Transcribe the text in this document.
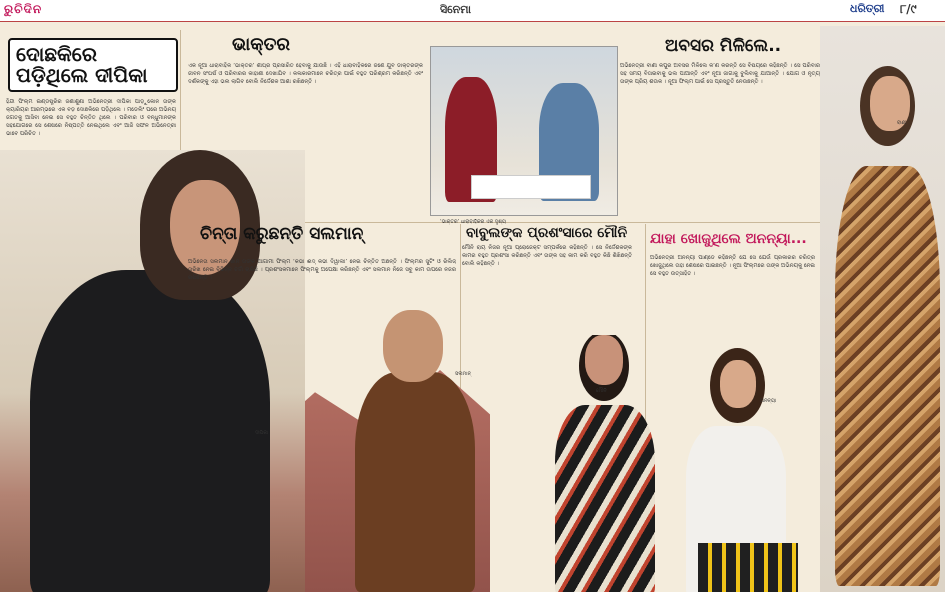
ରୁଚିଦିନ	ସିନେମା	ଧରିତ୍ରୀ ୮/୯
ଦୀପିକା
‘ଭାକ୍ତର’ ଧାରାବାହିକର ଏକ ଦୃଶ୍ୟ
ବାଣୀ
ସଲମାନ୍
ମୌନି
ଅନନ୍ୟା
ଦୋଛକିରେ ପଡ଼ିଥିଲେ ଦୀପିକା
ହିନ୍ଦୀ ଫିଲ୍ମ ଇଣ୍ଡଷ୍ଟ୍ରିର ଜଣାଶୁଣା ଅଭିନେତ୍ରୀ ଦୀପିକା ପାଡ଼ୁକୋନ ତାଙ୍କ କ୍ୟାରିୟର ଆରମ୍ଭରେ ଏକ ବଡ଼ ଦୋଛକିରେ ପଡ଼ିଥିଲେ । ମଡେଲିଂ ପରେ ଅଭିନୟ ଜଗତକୁ ଆସିବା ନେଇ ସେ ବହୁତ ଚିନ୍ତିତ ଥିଲେ । ପରିବାର ଓ ବନ୍ଧୁମାନଙ୍କ ସହଯୋଗରେ ସେ ଶେଷରେ ନିଷ୍ପତ୍ତି ନେଇଥିଲେ ଏବଂ ଆଜି ସଫଳ ଅଭିନେତ୍ରୀ ଭାବେ ପରିଚିତ ।
ଭାକ୍ତର
ଏକ ନୂଆ ଧାରାବାହିକ ‘ଭାକ୍ତର’ ଶୀଘ୍ର ପ୍ରସାରିତ ହେବାକୁ ଯାଉଛି । ଏହି ଧାରାବାହିକରେ ଜଣେ ଯୁବ ଡାକ୍ତରଙ୍କ ଜୀବନ ସଂଘର୍ଷ ଓ ପରିବାରର କାହାଣୀ ଦେଖାଯିବ । କଳାକାରମାନେ ଚରିତ୍ର ପାଇଁ ବହୁତ ପରିଶ୍ରମ କରିଛନ୍ତି ଏବଂ ଦର୍ଶକଙ୍କୁ ଏହା ଭଲ ଲାଗିବ ବୋଲି ନିର୍ଦ୍ଦେଶକ ଆଶା ରଖିଛନ୍ତି ।
ଅବସର ମିଳିଲେ..
ଅଭିନେତ୍ରୀ ବାଣୀ କପୁର ଅବସର ମିଳିଲେ କ’ଣ କରନ୍ତି ସେ ବିଷୟରେ କହିଛନ୍ତି । ସେ ପରିବାର ସହ ସମୟ ବିତାଇବାକୁ ଭଲ ପାଆନ୍ତି ଏବଂ ନୂଆ ଜାଗାକୁ ବୁଲିବାକୁ ଯାଆନ୍ତି । ଯୋଗ ଓ ନୃତ୍ୟ ତାଙ୍କ ପ୍ରିୟ ଶଉକ । ନୂଆ ଫିଲ୍ମ ପାଇଁ ସେ ପ୍ରସ୍ତୁତି ନେଉଛନ୍ତି ।
ଚିନ୍ତା କରୁଛନ୍ତି ସଲମାନ୍
ଅଭିନେତା ସଲମାନ ଖାନ ତାଙ୍କ ଆଗାମୀ ଫିଲ୍ମ ‘କଭୀ ଈଦ୍ କଭୀ ଦିୱାଲୀ’ ନେଇ ଚିନ୍ତିତ ଅଛନ୍ତି । ଫିଲ୍ମର ସୁଟିଂ ଓ ରିଲିଜ୍ ତାରିଖ ନେଇ ବିଭିନ୍ନ ଚର୍ଚ୍ଚା ଚାଲିଛି । ପ୍ରଶଂସକମାନେ ଫିଲ୍ମକୁ ଅପେକ୍ଷା କରିଛନ୍ତି ଏବଂ ସଲମାନ ନିଜେ ସବୁ କାମ ଉପରେ ନଜର ରଖିଛନ୍ତି ।
ବାବୁଲଙ୍କ ପ୍ରଶଂସାରେ ମୌନି
ମୌନି ରାୟ ନିଜର ନୂଆ ପ୍ରୋଜେକ୍ଟ ସମ୍ପର୍କରେ କହିଛନ୍ତି । ସେ ନିର୍ଦ୍ଦେଶକଙ୍କ କାମର ବହୁତ ପ୍ରଶଂସା କରିଛନ୍ତି ଏବଂ ତାଙ୍କ ସହ କାମ କରି ବହୁତ କିଛି ଶିଖିଛନ୍ତି ବୋଲି କହିଛନ୍ତି ।
ଯାହା ଖୋଜୁଥିଲେ ଅନନ୍ୟା...
ଅଭିନେତ୍ରୀ ଅନନ୍ୟା ପାଣ୍ଡେ କହିଛନ୍ତି ଯେ ସେ ଯେଉଁ ପ୍ରକାରର ଚରିତ୍ର ଖୋଜୁଥିଲେ ତାହା ଶେଷରେ ପାଇଛନ୍ତି । ନୂଆ ଫିଲ୍ମରେ ତାଙ୍କ ଅଭିନୟକୁ ନେଇ ସେ ବହୁତ ଉତ୍ସାହିତ ।
